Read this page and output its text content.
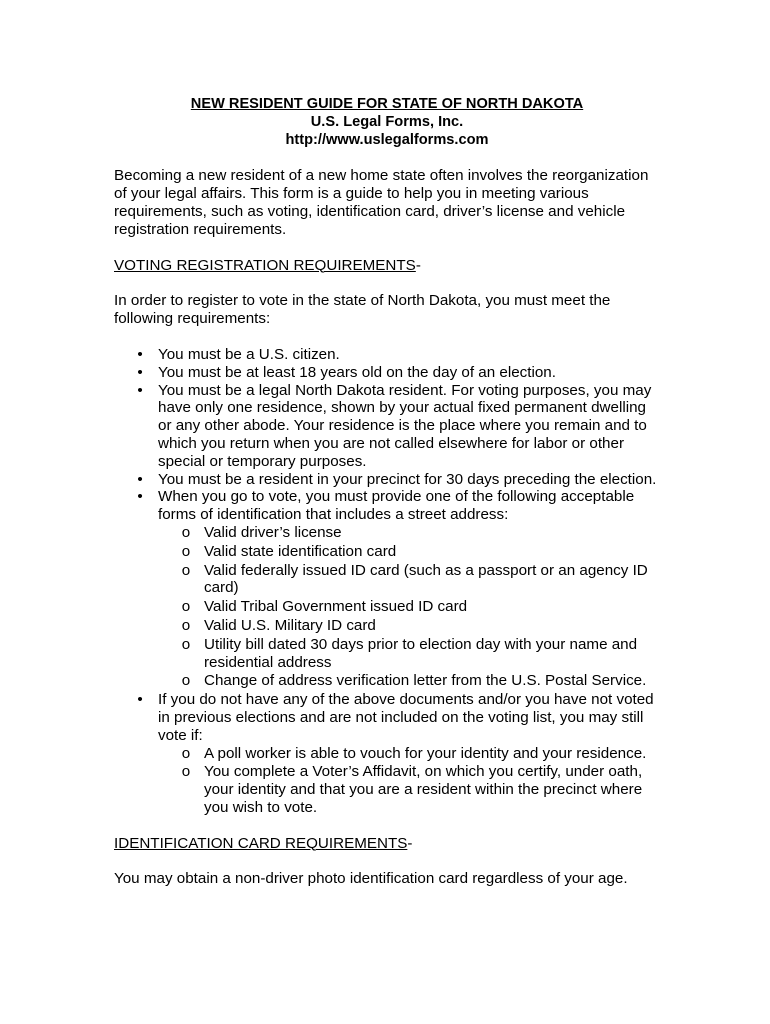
NEW RESIDENT GUIDE FOR STATE OF NORTH DAKOTA
U.S. Legal Forms, Inc.
http://www.uslegalforms.com

Becoming a new resident of a new home state often involves the reorganization of your legal affairs. This form is a guide to help you in meeting various requirements, such as voting, identification card, driver’s license and vehicle registration requirements.

VOTING REGISTRATION REQUIREMENTS-

In order to register to vote in the state of North Dakota, you must meet the following requirements:

• You must be a U.S. citizen.
• You must be at least 18 years old on the day of an election.
• You must be a legal North Dakota resident. For voting purposes, you may have only one residence, shown by your actual fixed permanent dwelling or any other abode. Your residence is the place where you remain and to which you return when you are not called elsewhere for labor or other special or temporary purposes.
• You must be a resident in your precinct for 30 days preceding the election.
• When you go to vote, you must provide one of the following acceptable forms of identification that includes a street address:
o Valid driver’s license
o Valid state identification card
o Valid federally issued ID card (such as a passport or an agency ID card)
o Valid Tribal Government issued ID card
o Valid U.S. Military ID card
o Utility bill dated 30 days prior to election day with your name and residential address
o Change of address verification letter from the U.S. Postal Service.
• If you do not have any of the above documents and/or you have not voted in previous elections and are not included on the voting list, you may still vote if:
o A poll worker is able to vouch for your identity and your residence.
o You complete a Voter’s Affidavit, on which you certify, under oath, your identity and that you are a resident within the precinct where you wish to vote.

IDENTIFICATION CARD REQUIREMENTS-

You may obtain a non-driver photo identification card regardless of your age.
